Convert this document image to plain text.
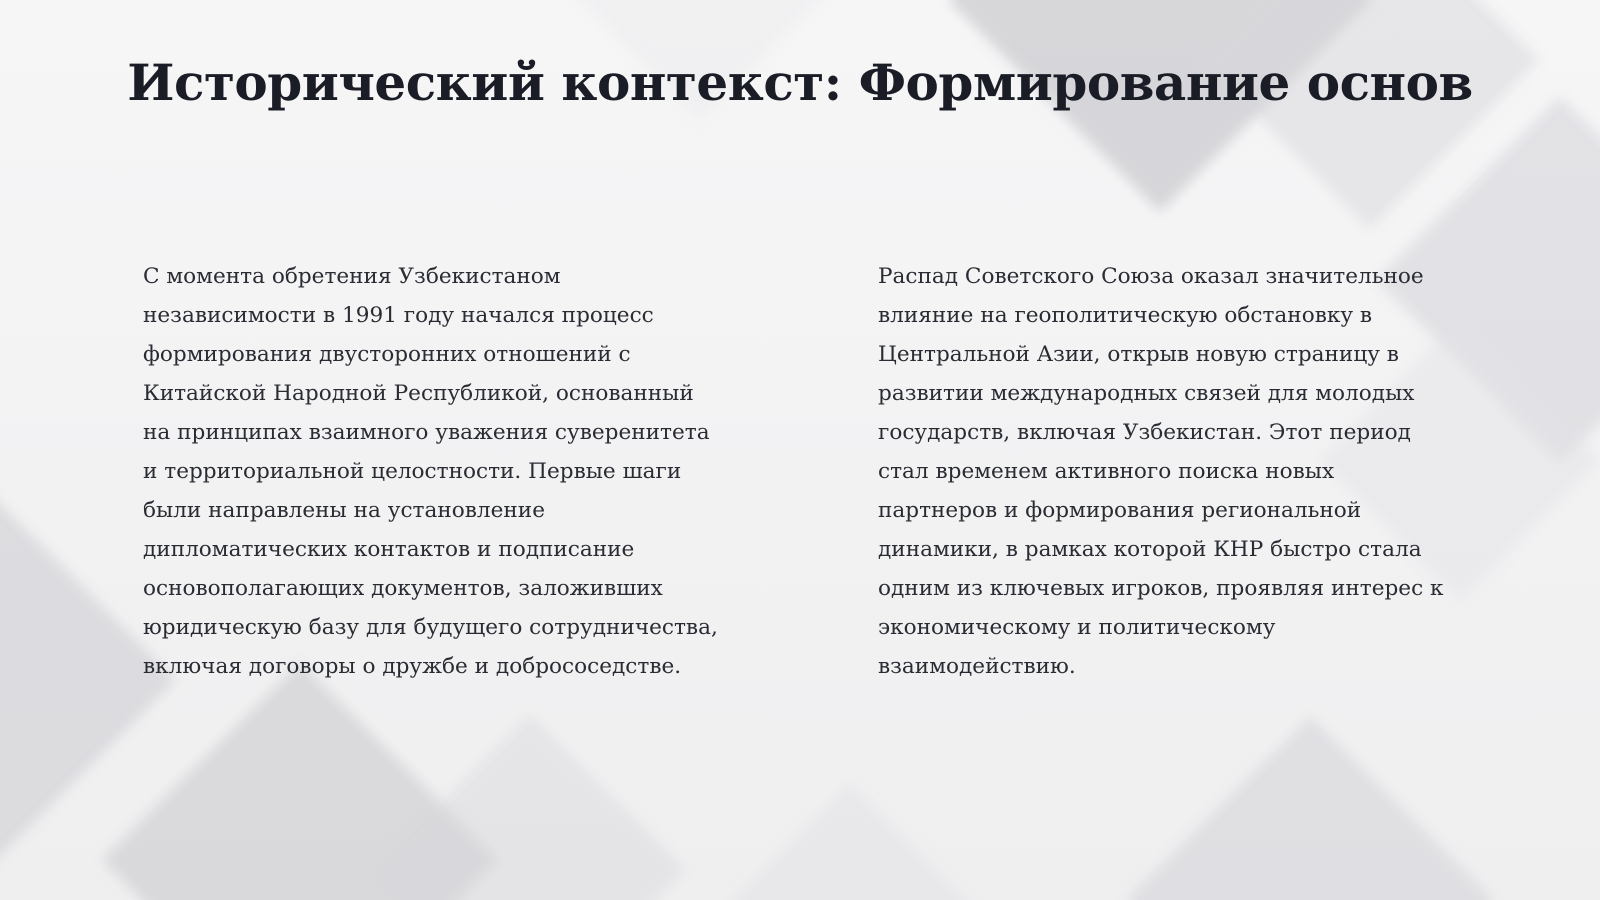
Исторический контекст: Формирование основ

С момента обретения Узбекистаном независимости в 1991 году начался процесс формирования двусторонних отношений с Китайской Народной Республикой, основанный на принципах взаимного уважения суверенитета и территориальной целостности. Первые шаги были направлены на установление дипломатических контактов и подписание основополагающих документов, заложивших юридическую базу для будущего сотрудничества, включая договоры о дружбе и добрососедстве.

Распад Советского Союза оказал значительное влияние на геополитическую обстановку в Центральной Азии, открыв новую страницу в развитии международных связей для молодых государств, включая Узбекистан. Этот период стал временем активного поиска новых партнеров и формирования региональной динамики, в рамках которой КНР быстро стала одним из ключевых игроков, проявляя интерес к экономическому и политическому взаимодействию.
